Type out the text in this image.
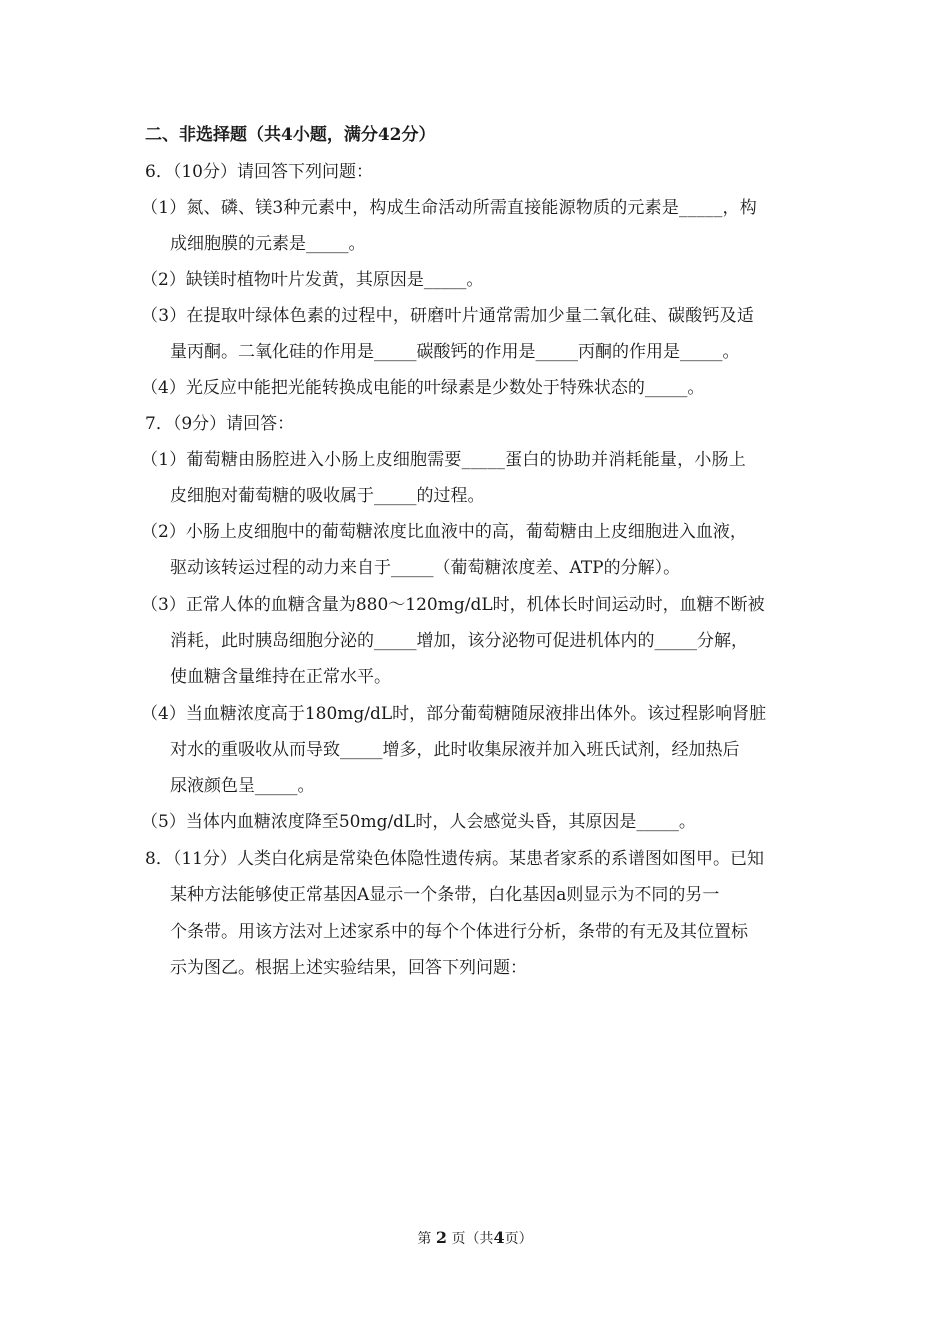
二、非选择题（共4小题，满分42分）
6．（10分）请回答下列问题：
（1）氮、磷、镁3种元素中，构成生命活动所需直接能源物质的元素是_____，构
成细胞膜的元素是_____。
（2）缺镁时植物叶片发黄，其原因是_____。
（3）在提取叶绿体色素的过程中，研磨叶片通常需加少量二氧化硅、碳酸钙及适
量丙酮。二氧化硅的作用是_____碳酸钙的作用是_____丙酮的作用是_____。
（4）光反应中能把光能转换成电能的叶绿素是少数处于特殊状态的_____。
7．（9分）请回答：
（1）葡萄糖由肠腔进入小肠上皮细胞需要_____蛋白的协助并消耗能量，小肠上
皮细胞对葡萄糖的吸收属于_____的过程。
（2）小肠上皮细胞中的葡萄糖浓度比血液中的高，葡萄糖由上皮细胞进入血液，
驱动该转运过程的动力来自于_____（葡萄糖浓度差、ATP的分解）。
（3）正常人体的血糖含量为880～120mg/dL时，机体长时间运动时，血糖不断被
消耗，此时胰岛细胞分泌的_____增加，该分泌物可促进机体内的_____分解，
使血糖含量维持在正常水平。
（4）当血糖浓度高于180mg/dL时，部分葡萄糖随尿液排出体外。该过程影响肾脏
对水的重吸收从而导致_____增多，此时收集尿液并加入班氏试剂，经加热后
尿液颜色呈_____。
（5）当体内血糖浓度降至50mg/dL时，人会感觉头昏，其原因是_____。
8．（11分）人类白化病是常染色体隐性遗传病。某患者家系的系谱图如图甲。已知
某种方法能够使正常基因A显示一个条带，白化基因a则显示为不同的另一
个条带。用该方法对上述家系中的每个个体进行分析，条带的有无及其位置标
示为图乙。根据上述实验结果，回答下列问题：
第 2 页（共4页）
